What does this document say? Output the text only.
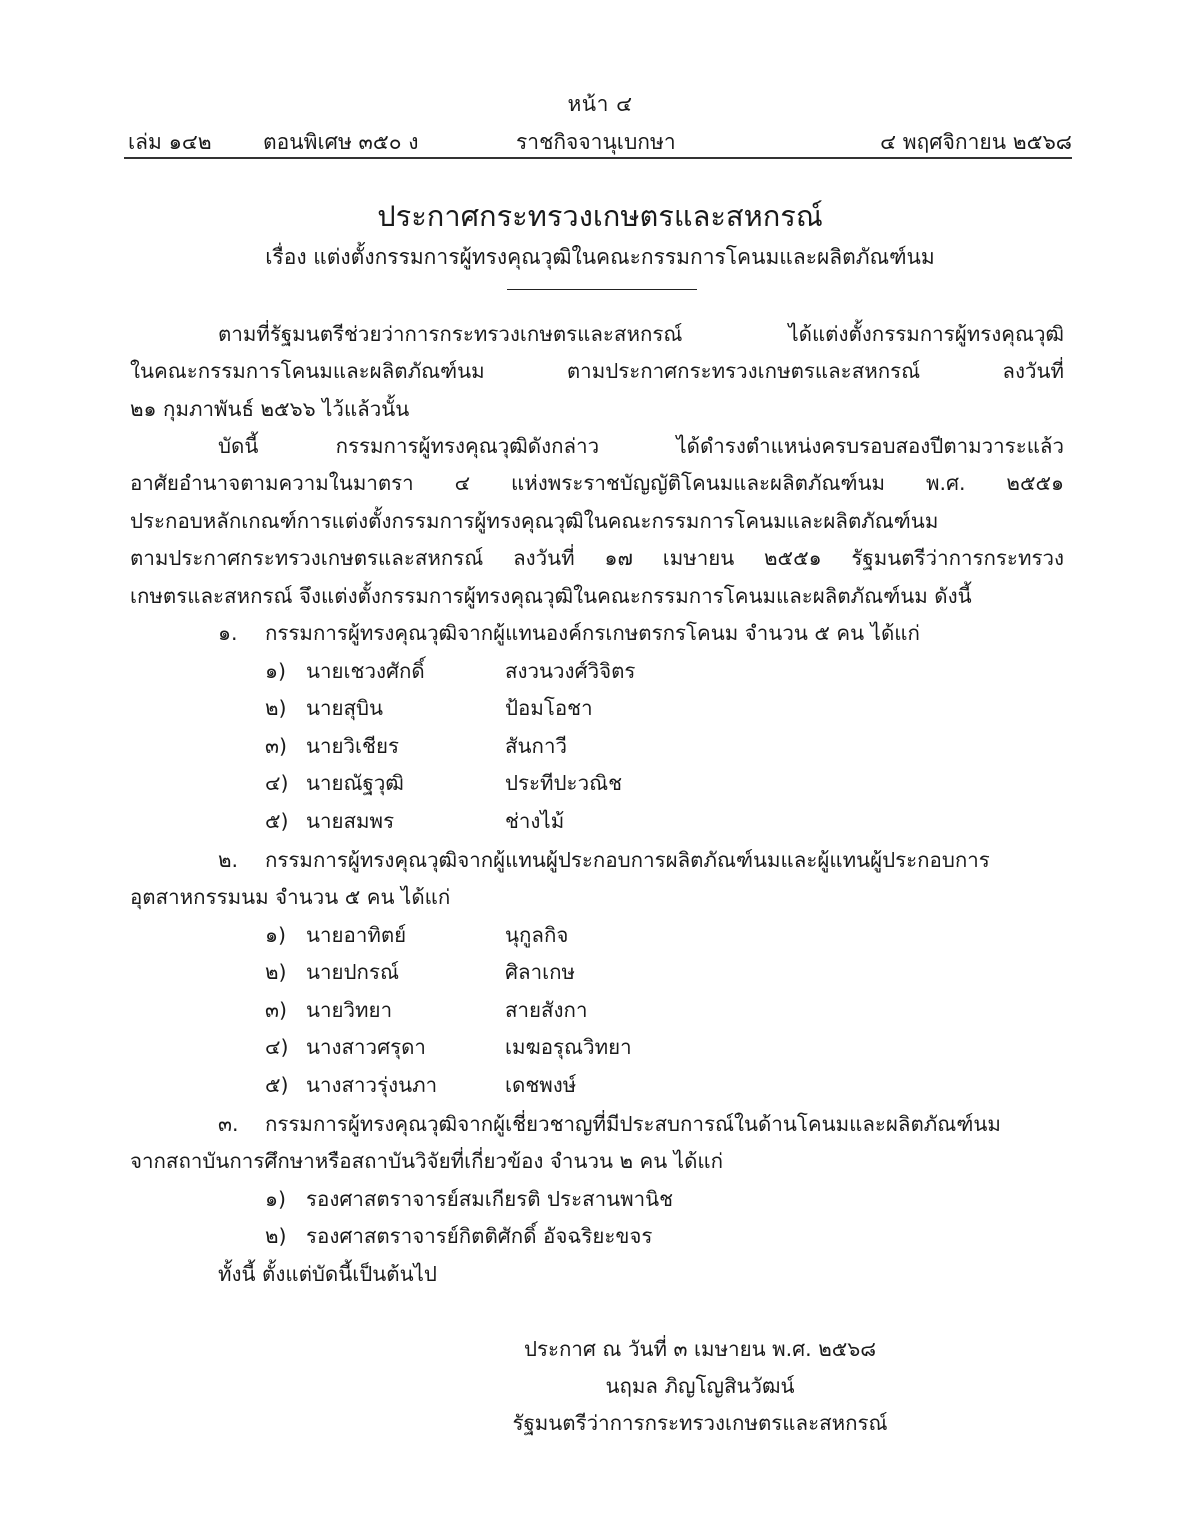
หน้า ๔
เล่ม ๑๔๒ ตอนพิเศษ ๓๕๐ ง	ราชกิจจานุเบกษา	๔ พฤศจิกายน ๒๕๖๘
ประกาศกระทรวงเกษตรและสหกรณ์
เรื่อง แต่งตั้งกรรมการผู้ทรงคุณวุฒิในคณะกรรมการโคนมและผลิตภัณฑ์นม
ตามที่รัฐมนตรีช่วยว่าการกระทรวงเกษตรและสหกรณ์ ได้แต่งตั้งกรรมการผู้ทรงคุณวุฒิ
ในคณะกรรมการโคนมและผลิตภัณฑ์นม ตามประกาศกระทรวงเกษตรและสหกรณ์ ลงวันที่
๒๑ กุมภาพันธ์ ๒๕๖๖ ไว้แล้วนั้น
บัดนี้ กรรมการผู้ทรงคุณวุฒิดังกล่าว ได้ดำรงตำแหน่งครบรอบสองปีตามวาระแล้ว
อาศัยอำนาจตามความในมาตรา ๔ แห่งพระราชบัญญัติโคนมและผลิตภัณฑ์นม พ.ศ. ๒๕๕๑
ประกอบหลักเกณฑ์การแต่งตั้งกรรมการผู้ทรงคุณวุฒิในคณะกรรมการโคนมและผลิตภัณฑ์นม
ตามประกาศกระทรวงเกษตรและสหกรณ์ ลงวันที่ ๑๗ เมษายน ๒๕๕๑ รัฐมนตรีว่าการกระทรวง
เกษตรและสหกรณ์ จึงแต่งตั้งกรรมการผู้ทรงคุณวุฒิในคณะกรรมการโคนมและผลิตภัณฑ์นม ดังนี้
๑. กรรมการผู้ทรงคุณวุฒิจากผู้แทนองค์กรเกษตรกรโคนม จำนวน ๕ คน ได้แก่
๑) นายเชวงศักดิ์	สงวนวงศ์วิจิตร
๒) นายสุบิน	ป้อมโอชา
๓) นายวิเชียร	สันกาวี
๔) นายณัฐวุฒิ	ประทีปะวณิช
๕) นายสมพร	ช่างไม้
๒. กรรมการผู้ทรงคุณวุฒิจากผู้แทนผู้ประกอบการผลิตภัณฑ์นมและผู้แทนผู้ประกอบการ
อุตสาหกรรมนม จำนวน ๕ คน ได้แก่
๑) นายอาทิตย์	นุกูลกิจ
๒) นายปกรณ์	ศิลาเกษ
๓) นายวิทยา	สายสังกา
๔) นางสาวศรุดา	เมฆอรุณวิทยา
๕) นางสาวรุ่งนภา	เดชพงษ์
๓. กรรมการผู้ทรงคุณวุฒิจากผู้เชี่ยวชาญที่มีประสบการณ์ในด้านโคนมและผลิตภัณฑ์นม
จากสถาบันการศึกษาหรือสถาบันวิจัยที่เกี่ยวข้อง จำนวน ๒ คน ได้แก่
๑) รองศาสตราจารย์สมเกียรติ ประสานพานิช
๒) รองศาสตราจารย์กิตติศักดิ์ อัจฉริยะขจร
ทั้งนี้ ตั้งแต่บัดนี้เป็นต้นไป
ประกาศ ณ วันที่ ๓ เมษายน พ.ศ. ๒๕๖๘
นฤมล ภิญโญสินวัฒน์
รัฐมนตรีว่าการกระทรวงเกษตรและสหกรณ์
